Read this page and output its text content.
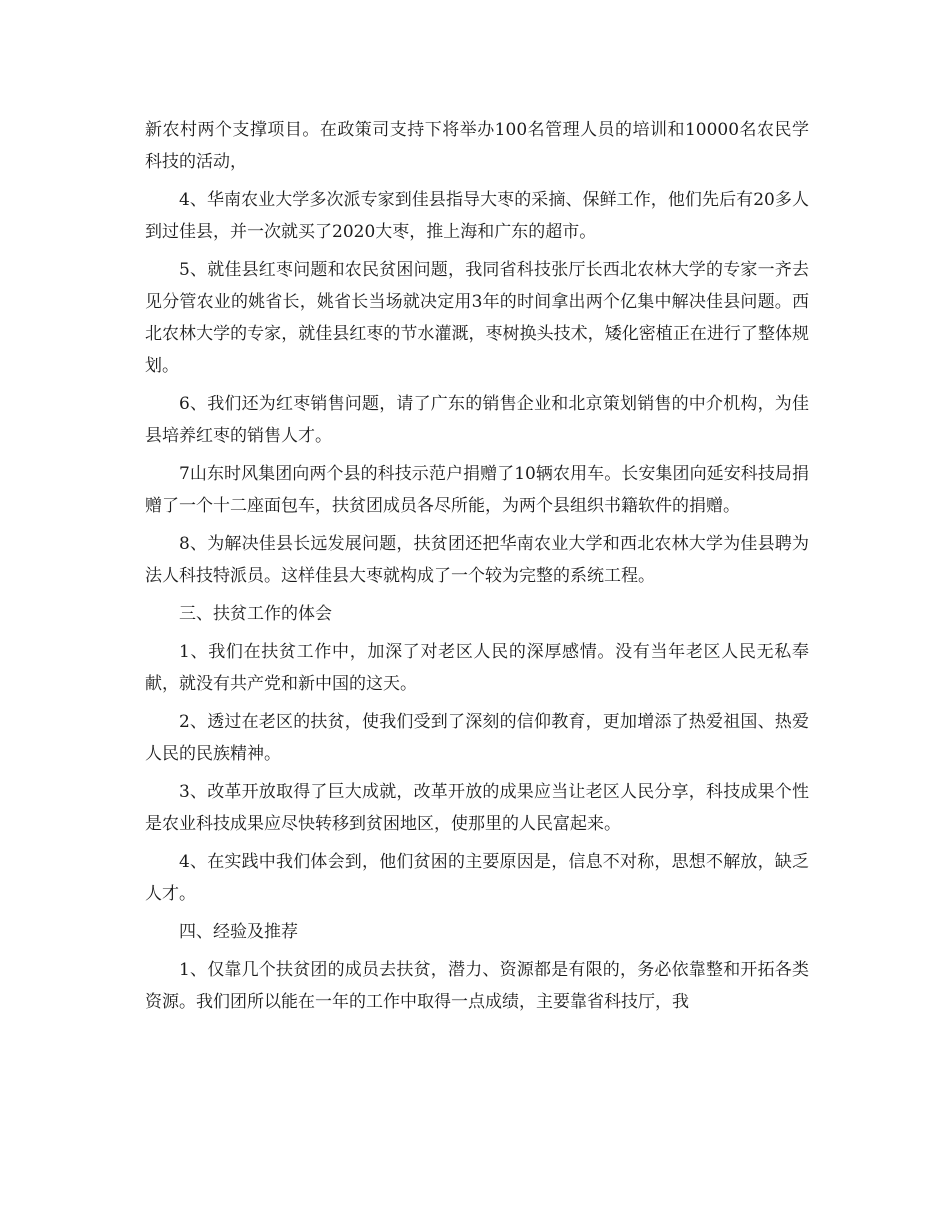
新农村两个支撑项目。在政策司支持下将举办100名管理人员的培训和10000名农民学科技的活动，

4、华南农业大学多次派专家到佳县指导大枣的采摘、保鲜工作，他们先后有20多人到过佳县，并一次就买了2020大枣，推上海和广东的超市。

5、就佳县红枣问题和农民贫困问题，我同省科技张厅长西北农林大学的专家一齐去见分管农业的姚省长，姚省长当场就决定用3年的时间拿出两个亿集中解决佳县问题。西北农林大学的专家，就佳县红枣的节水灌溉，枣树换头技术，矮化密植正在进行了整体规划。

6、我们还为红枣销售问题，请了广东的销售企业和北京策划销售的中介机构，为佳县培养红枣的销售人才。

7山东时风集团向两个县的科技示范户捐赠了10辆农用车。长安集团向延安科技局捐赠了一个十二座面包车，扶贫团成员各尽所能，为两个县组织书籍软件的捐赠。

8、为解决佳县长远发展问题，扶贫团还把华南农业大学和西北农林大学为佳县聘为法人科技特派员。这样佳县大枣就构成了一个较为完整的系统工程。

三、扶贫工作的体会

1、我们在扶贫工作中，加深了对老区人民的深厚感情。没有当年老区人民无私奉献，就没有共产党和新中国的这天。

2、透过在老区的扶贫，使我们受到了深刻的信仰教育，更加增添了热爱祖国、热爱人民的民族精神。

3、改革开放取得了巨大成就，改革开放的成果应当让老区人民分享，科技成果个性是农业科技成果应尽快转移到贫困地区，使那里的人民富起来。

4、在实践中我们体会到，他们贫困的主要原因是，信息不对称，思想不解放，缺乏人才。

四、经验及推荐

1、仅靠几个扶贫团的成员去扶贫，潜力、资源都是有限的，务必依靠整和开拓各类资源。我们团所以能在一年的工作中取得一点成绩，主要靠省科技厅，我
